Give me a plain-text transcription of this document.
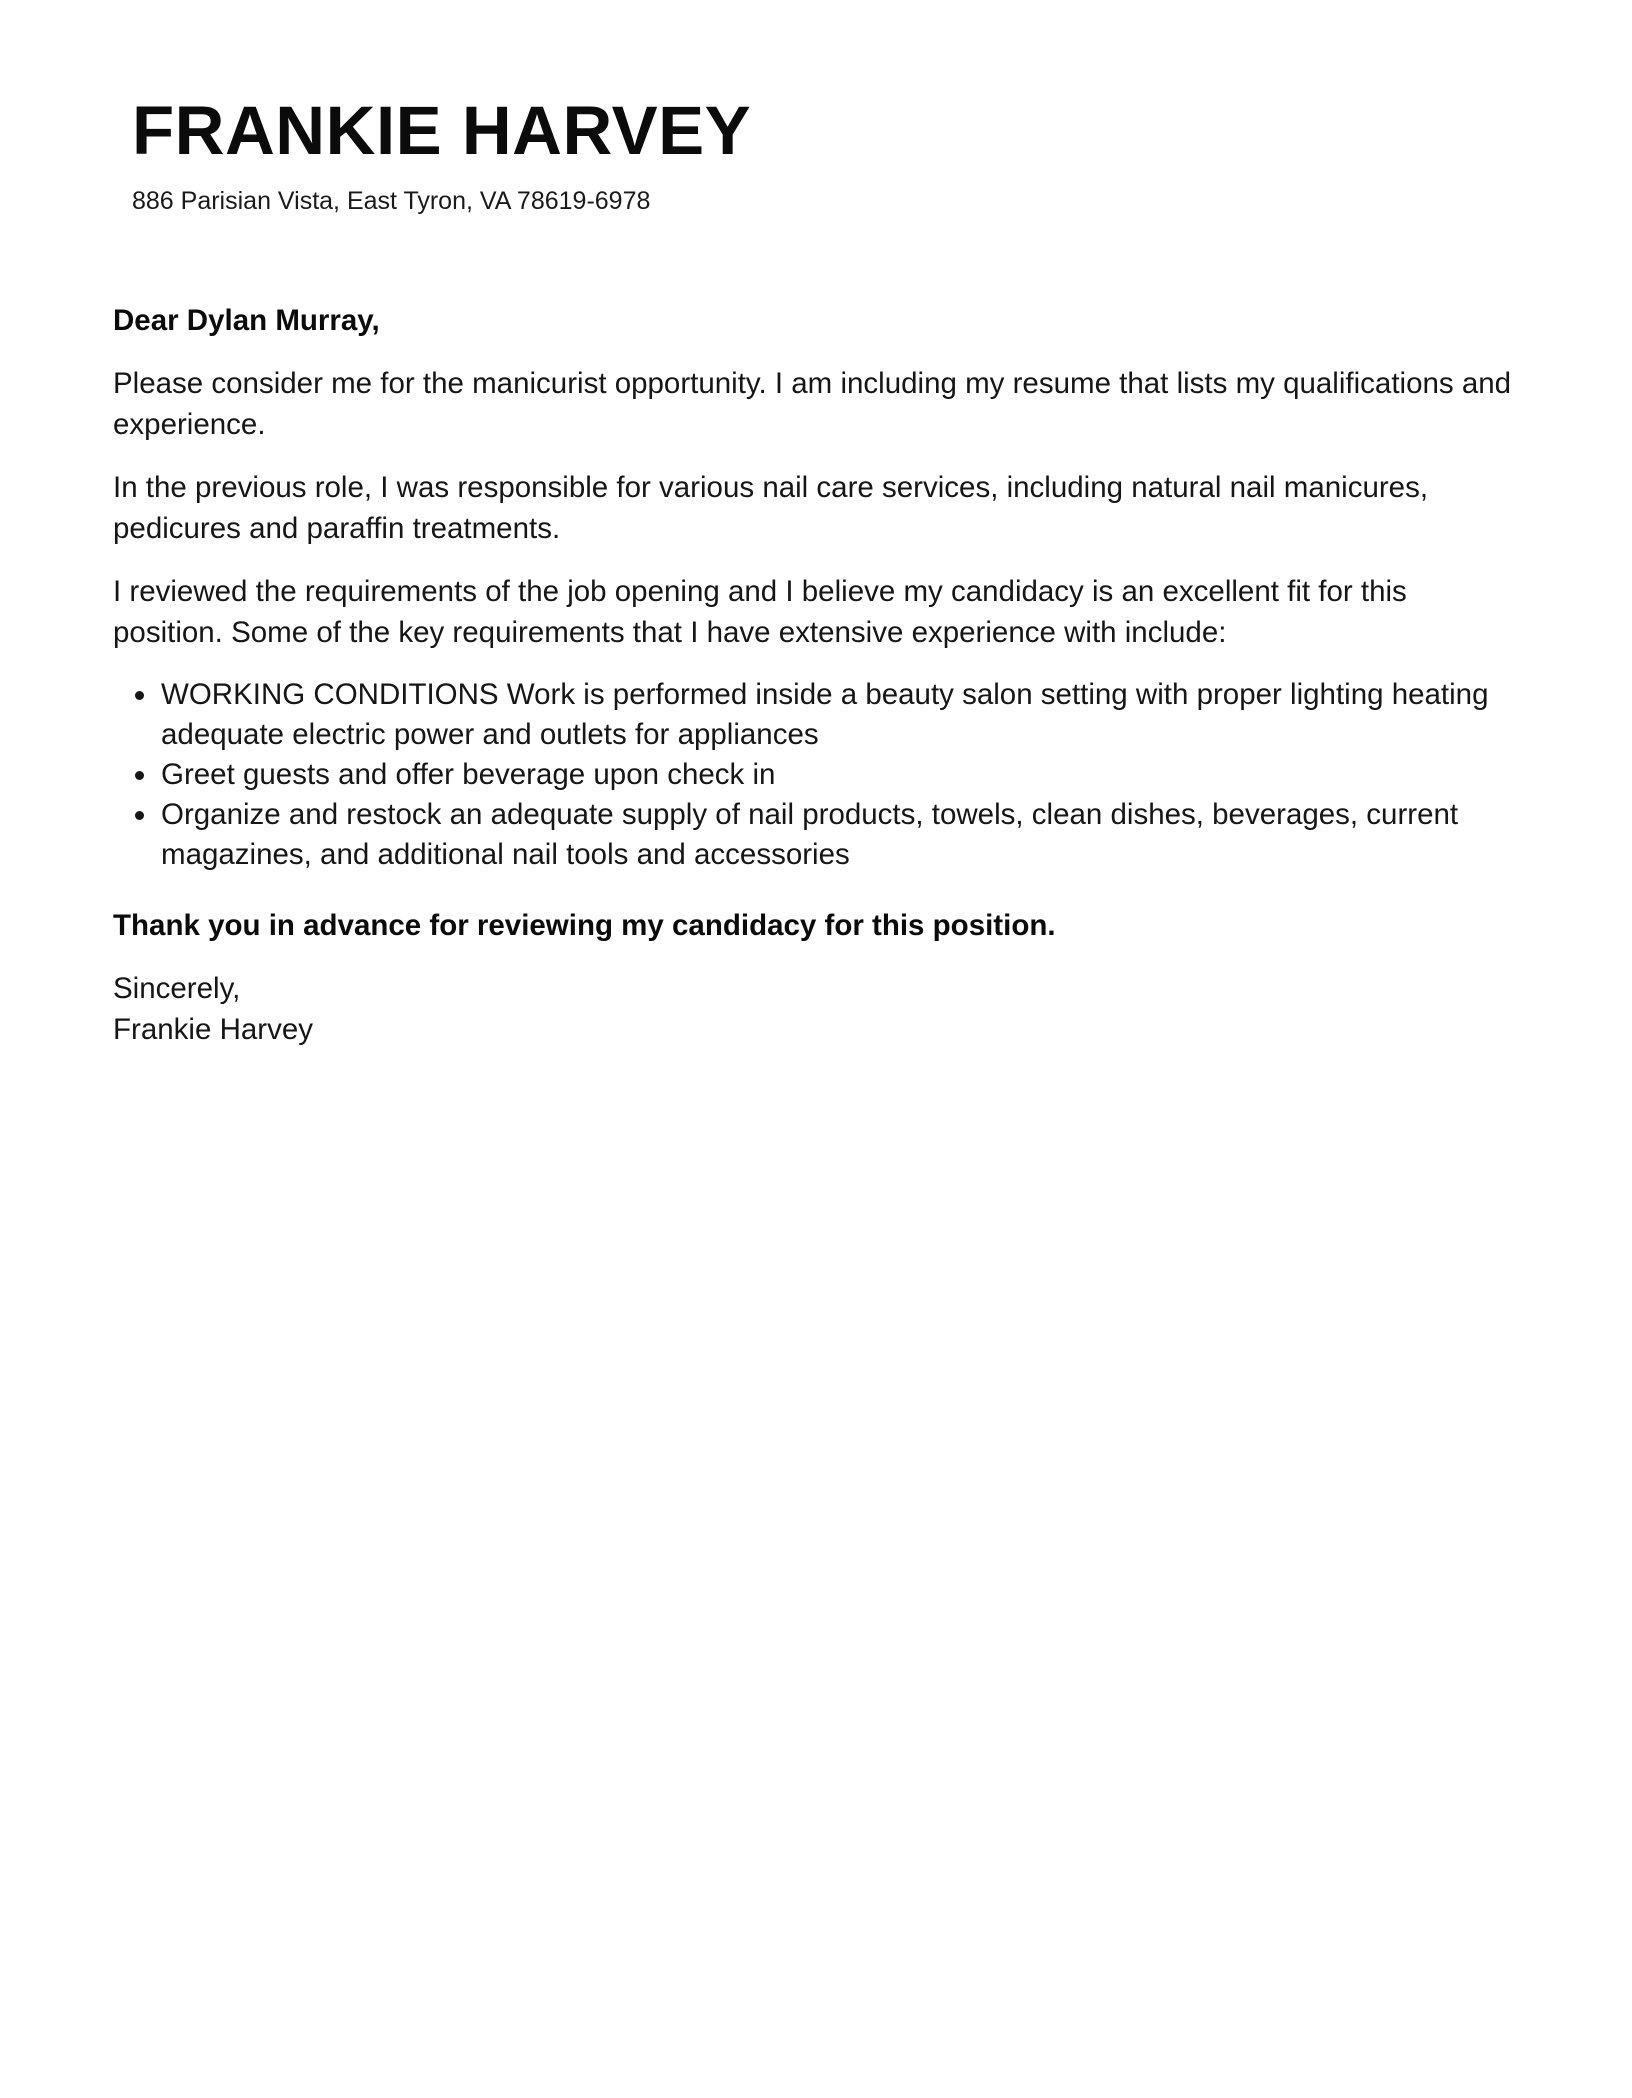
FRANKIE HARVEY
886 Parisian Vista, East Tyron, VA 78619-6978

Dear Dylan Murray,

Please consider me for the manicurist opportunity. I am including my resume that lists my qualifications and experience.

In the previous role, I was responsible for various nail care services, including natural nail manicures, pedicures and paraffin treatments.

I reviewed the requirements of the job opening and I believe my candidacy is an excellent fit for this position. Some of the key requirements that I have extensive experience with include:

WORKING CONDITIONS Work is performed inside a beauty salon setting with proper lighting heating adequate electric power and outlets for appliances
Greet guests and offer beverage upon check in
Organize and restock an adequate supply of nail products, towels, clean dishes, beverages, current magazines, and additional nail tools and accessories

Thank you in advance for reviewing my candidacy for this position.

Sincerely,
Frankie Harvey
